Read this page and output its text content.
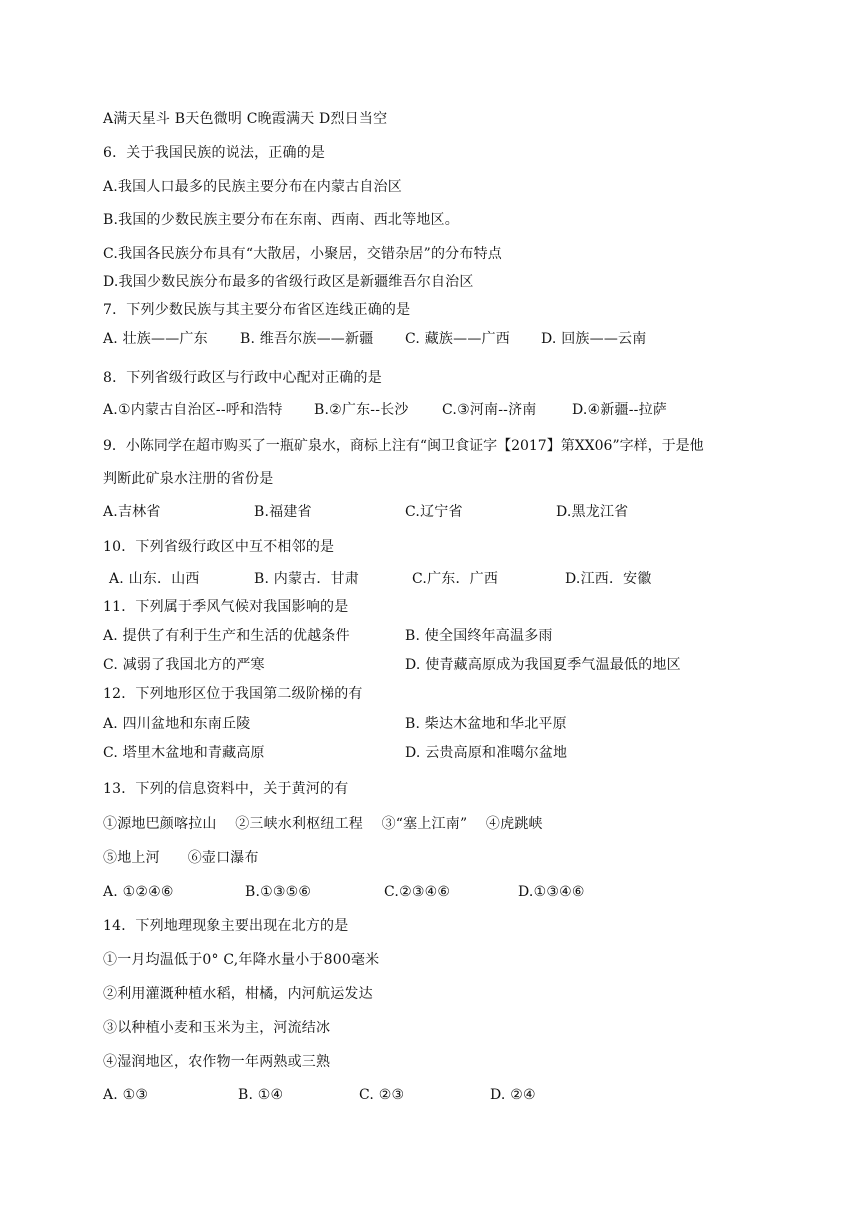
A满天星斗 B天色微明 C晚霞满天 D烈日当空
6．关于我国民族的说法，正确的是
A.我国人口最多的民族主要分布在内蒙古自治区
B.我国的少数民族主要分布在东南、西南、西北等地区。
C.我国各民族分布具有“大散居，小聚居，交错杂居”的分布特点
D.我国少数民族分布最多的省级行政区是新疆维吾尔自治区
7．下列少数民族与其主要分布省区连线正确的是
A. 壮族——广东 B. 维吾尔族——新疆 C. 藏族——广西 D. 回族——云南
8．下列省级行政区与行政中心配对正确的是
A.①内蒙古自治区--呼和浩特 B.②广东--长沙 C.③河南--济南	D.④新疆--拉萨
9．小陈同学在超市购买了一瓶矿泉水，商标上注有“闽卫食证字【2017】第XX06”字样，于是他
判断此矿泉水注册的省份是
A.吉林省	B.福建省	C.辽宁省	D.黑龙江省
10．下列省级行政区中互不相邻的是
A. 山东．山西	B. 内蒙古．甘肃	C.广东．广西	D.江西．安徽
11．下列属于季风气候对我国影响的是
A. 提供了有利于生产和生活的优越条件	B. 使全国终年高温多雨
C. 减弱了我国北方的严寒	D. 使青藏高原成为我国夏季气温最低的地区
12．下列地形区位于我国第二级阶梯的有
A. 四川盆地和东南丘陵	B. 柴达木盆地和华北平原
C. 塔里木盆地和青藏高原	D. 云贵高原和准噶尔盆地
13．下列的信息资料中，关于黄河的有
①源地巴颜喀拉山    ②三峡水利枢纽工程    ③“塞上江南”    ④虎跳峡
⑤地上河      ⑥壶口瀑布
A. ①②④⑥	B.①③⑤⑥	C.②③④⑥	D.①③④⑥
14．下列地理现象主要出现在北方的是
①一月均温低于0° C,年降水量小于800毫米
②利用灌溉种植水稻，柑橘，内河航运发达
③以种植小麦和玉米为主，河流结冰
④湿润地区，农作物一年两熟或三熟
A. ①③	B. ①④	C. ②③	D. ②④
